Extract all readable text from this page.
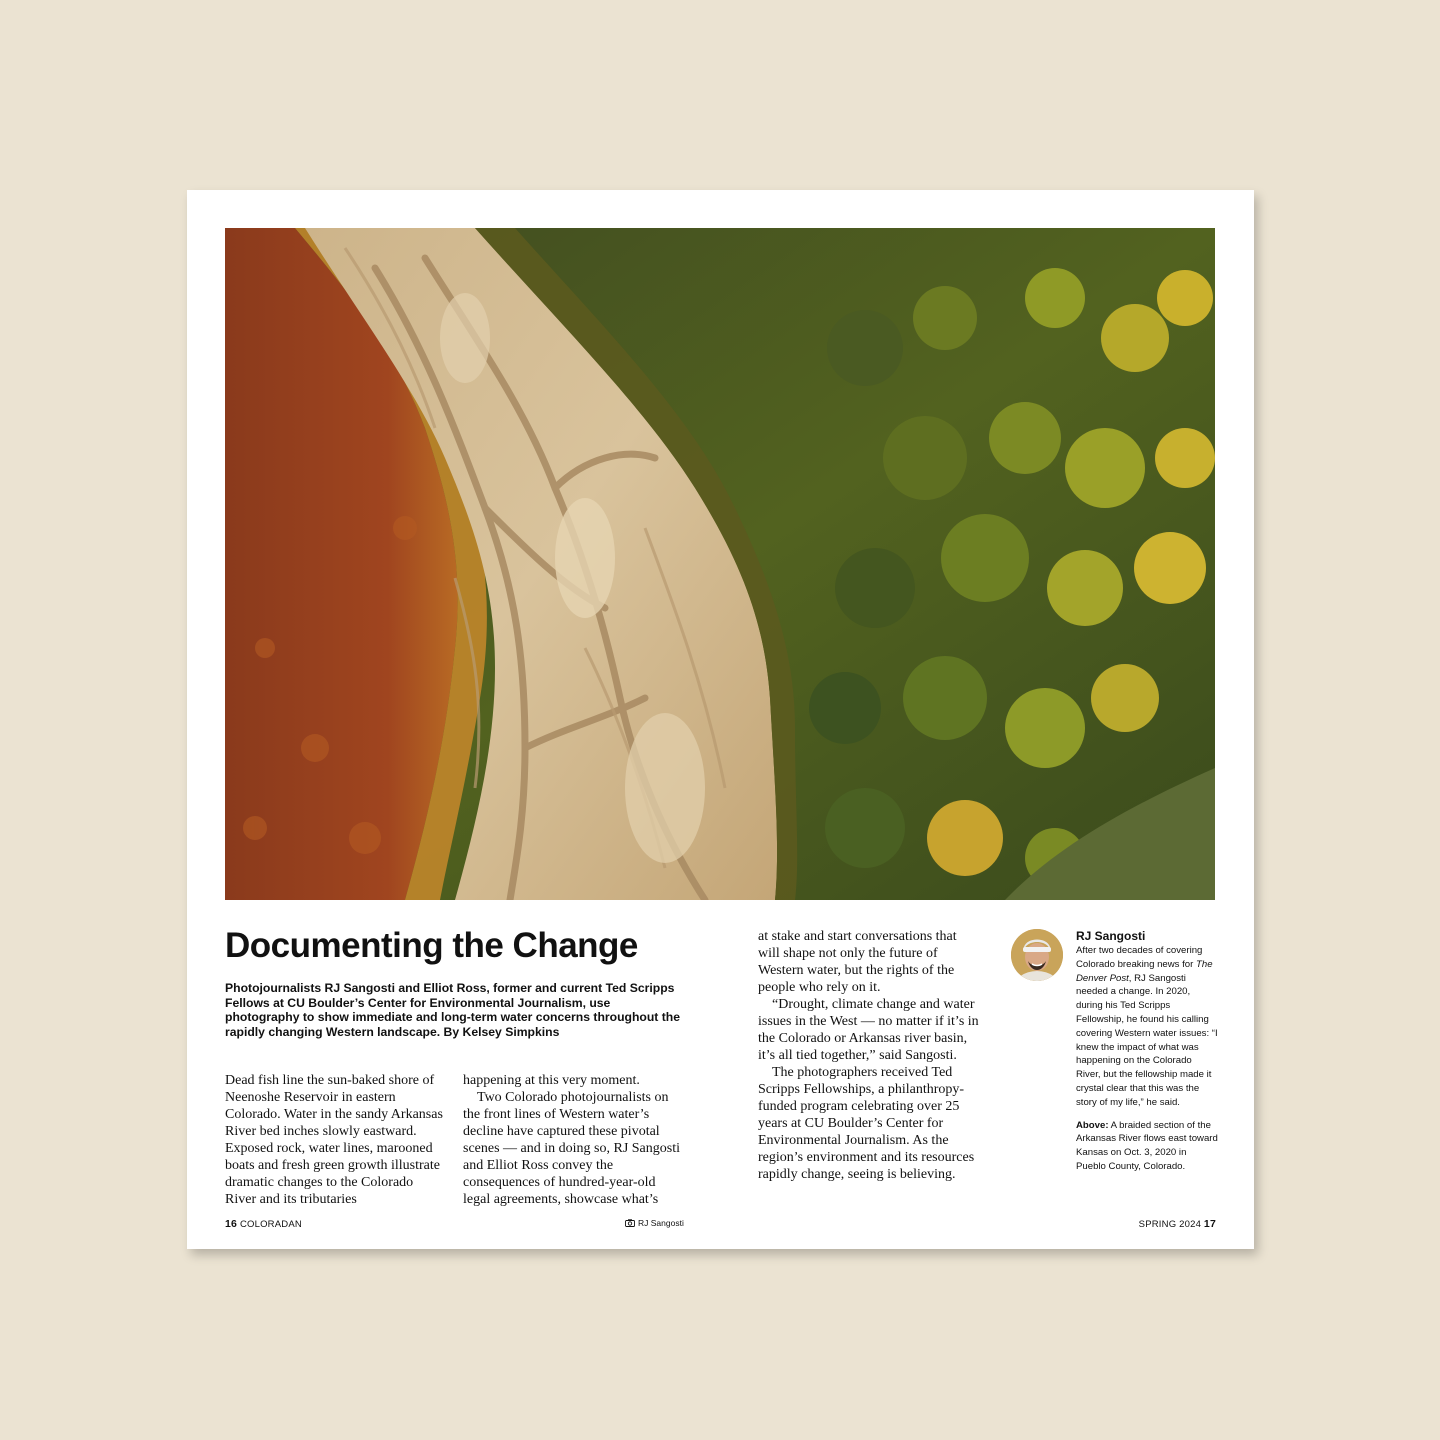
Documenting the Change
Photojournalists RJ Sangosti and Elliot Ross, former and current Ted Scripps Fellows at CU Boulder’s Center for Environmental Journalism, use photography to show immediate and long-term water concerns throughout the rapidly changing Western landscape. By Kelsey Simpkins

Dead fish line the sun-baked shore of Neenoshe Reservoir in eastern Colorado. Water in the sandy Arkansas River bed inches slowly eastward. Exposed rock, water lines, marooned boats and fresh green growth illustrate dramatic changes to the Colorado River and its tributaries

happening at this very moment.

Two Colorado photojournalists on the front lines of Western water’s decline have captured these pivotal scenes — and in doing so, RJ Sangosti and Elliot Ross convey the consequences of hundred-year-old legal agreements, showcase what’s

at stake and start conversations that will shape not only the future of Western water, but the rights of the people who rely on it.

“Drought, climate change and water issues in the West — no matter if it’s in the Colorado or Arkansas river basin, it’s all tied together,” said Sangosti.

The photographers received Ted Scripps Fellowships, a philanthropy-funded program celebrating over 25 years at CU Boulder’s Center for Environmental Journalism. As the region’s environment and its resources rapidly change, seeing is believing.

RJ Sangosti

After two decades of covering Colorado breaking news for The Denver Post, RJ Sangosti needed a change. In 2020, during his Ted Scripps Fellowship, he found his calling covering Western water issues: “I knew the impact of what was happening on the Colorado River, but the fellowship made it crystal clear that this was the story of my life,” he said.

Above: A braided section of the Arkansas River flows east toward Kansas on Oct. 3, 2020 in Pueblo County, Colorado.

16 COLORADAN	RJ Sangosti	SPRING 2024 17
